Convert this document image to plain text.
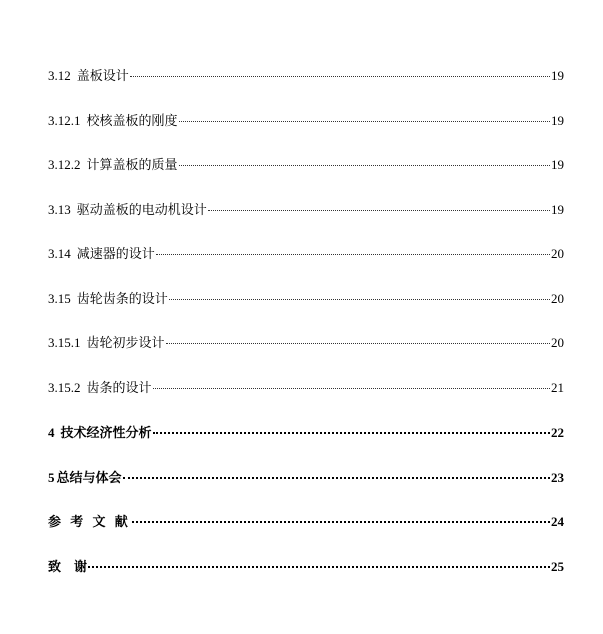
3.12 盖板设计	19
3.12.1 校核盖板的刚度	19
3.12.2 计算盖板的质量	19
3.13 驱动盖板的电动机设计	19
3.14 减速器的设计	20
3.15 齿轮齿条的设计	20
3.15.1 齿轮初步设计	20
3.15.2 齿条的设计	21
4 技术经济性分析	22
5 总结与体会	23
参 考 文 献	24
致    谢	25
